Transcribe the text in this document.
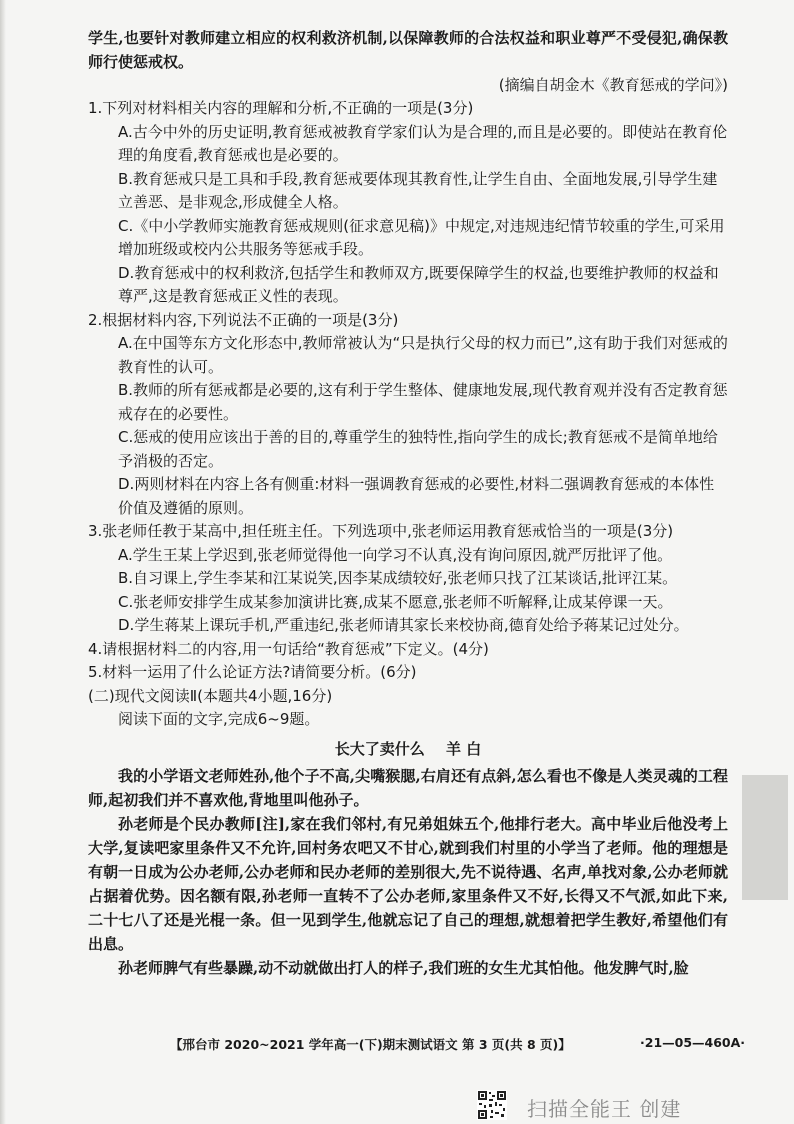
学生,也要针对教师建立相应的权利救济机制,以保障教师的合法权益和职业尊严不受侵犯,确保教师行使惩戒权。

(摘编自胡金木《教育惩戒的学问》)

1.下列对材料相关内容的理解和分析,不正确的一项是(3分)

A.古今中外的历史证明,教育惩戒被教育学家们认为是合理的,而且是必要的。即使站在教育伦理的角度看,教育惩戒也是必要的。

B.教育惩戒只是工具和手段,教育惩戒要体现其教育性,让学生自由、全面地发展,引导学生建立善恶、是非观念,形成健全人格。

C.《中小学教师实施教育惩戒规则(征求意见稿)》中规定,对违规违纪情节较重的学生,可采用增加班级或校内公共服务等惩戒手段。

D.教育惩戒中的权利救济,包括学生和教师双方,既要保障学生的权益,也要维护教师的权益和尊严,这是教育惩戒正义性的表现。

2.根据材料内容,下列说法不正确的一项是(3分)

A.在中国等东方文化形态中,教师常被认为“只是执行父母的权力而已”,这有助于我们对惩戒的教育性的认可。

B.教师的所有惩戒都是必要的,这有利于学生整体、健康地发展,现代教育观并没有否定教育惩戒存在的必要性。

C.惩戒的使用应该出于善的目的,尊重学生的独特性,指向学生的成长;教育惩戒不是简单地给予消极的否定。

D.两则材料在内容上各有侧重:材料一强调教育惩戒的必要性,材料二强调教育惩戒的本体性价值及遵循的原则。

3.张老师任教于某高中,担任班主任。下列选项中,张老师运用教育惩戒恰当的一项是(3分)

A.学生王某上学迟到,张老师觉得他一向学习不认真,没有询问原因,就严厉批评了他。

B.自习课上,学生李某和江某说笑,因李某成绩较好,张老师只找了江某谈话,批评江某。

C.张老师安排学生成某参加演讲比赛,成某不愿意,张老师不听解释,让成某停课一天。

D.学生蒋某上课玩手机,严重违纪,张老师请其家长来校协商,德育处给予蒋某记过处分。

4.请根据材料二的内容,用一句话给“教育惩戒”下定义。(4分)

5.材料一运用了什么论证方法?请简要分析。(6分)

(二)现代文阅读Ⅱ(本题共4小题,16分)

阅读下面的文字,完成6~9题。

长大了卖什么 羊 白

我的小学语文老师姓孙,他个子不高,尖嘴猴腮,右肩还有点斜,怎么看也不像是人类灵魂的工程师,起初我们并不喜欢他,背地里叫他孙子。

孙老师是个民办教师[注],家在我们邻村,有兄弟姐妹五个,他排行老大。高中毕业后他没考上大学,复读吧家里条件又不允许,回村务农吧又不甘心,就到我们村里的小学当了老师。他的理想是有朝一日成为公办老师,公办老师和民办老师的差别很大,先不说待遇、名声,单找对象,公办老师就占据着优势。因名额有限,孙老师一直转不了公办老师,家里条件又不好,长得又不气派,如此下来,二十七八了还是光棍一条。但一见到学生,他就忘记了自己的理想,就想着把学生教好,希望他们有出息。

孙老师脾气有些暴躁,动不动就做出打人的样子,我们班的女生尤其怕他。他发脾气时,脸

【邢台市 2020~2021 学年高一(下)期末测试语文 第 3 页(共 8 页)】	·21—05—460A·
扫描全能王 创建
